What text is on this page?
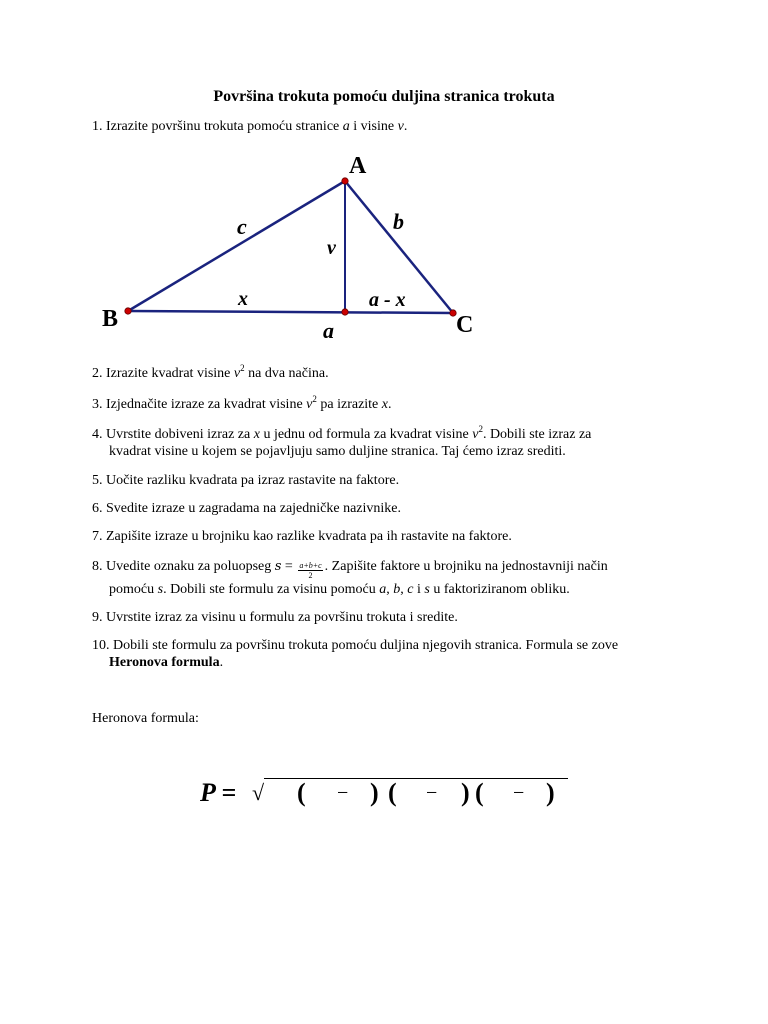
Površina trokuta pomoću duljina stranica trokuta
1. Izrazite površinu trokuta pomoću stranice a i visine v.
A
B	C
c	b
v
x	a - x
a
2. Izrazite kvadrat visine $v^2$ na dva načina.
3. Izjednačite izraze za kvadrat visine $v^2$ pa izrazite x.
4. Uvrstite dobiveni izraz za x u jednu od formula za kvadrat visine $v^2$. Dobili ste izraz za
kvadrat visine u kojem se pojavljuju samo duljine stranica. Taj ćemo izraz srediti.
5. Uočite razliku kvadrata pa izraz rastavite na faktore.
6. Svedite izraze u zagradama na zajedničke nazivnike.
7. Zapišite izraze u brojniku kao razlike kvadrata pa ih rastavite na faktore.
8. Uvedite oznaku za poluopseg $s = \frac{a+b+c}{2}$ . Zapišite faktore u brojniku na jednostavniji način
pomoću s. Dobili ste formulu za visinu pomoću a, b, c i s u faktoriziranom obliku.
9. Uvrstite izraz za visinu u formulu za površinu trokuta i sredite.
10. Dobili ste formulu za površinu trokuta pomoću duljina njegovih stranica. Formula se zove
Heronova formula.
Heronova formula:
P = √ ( − ) ( − ) ( − )
